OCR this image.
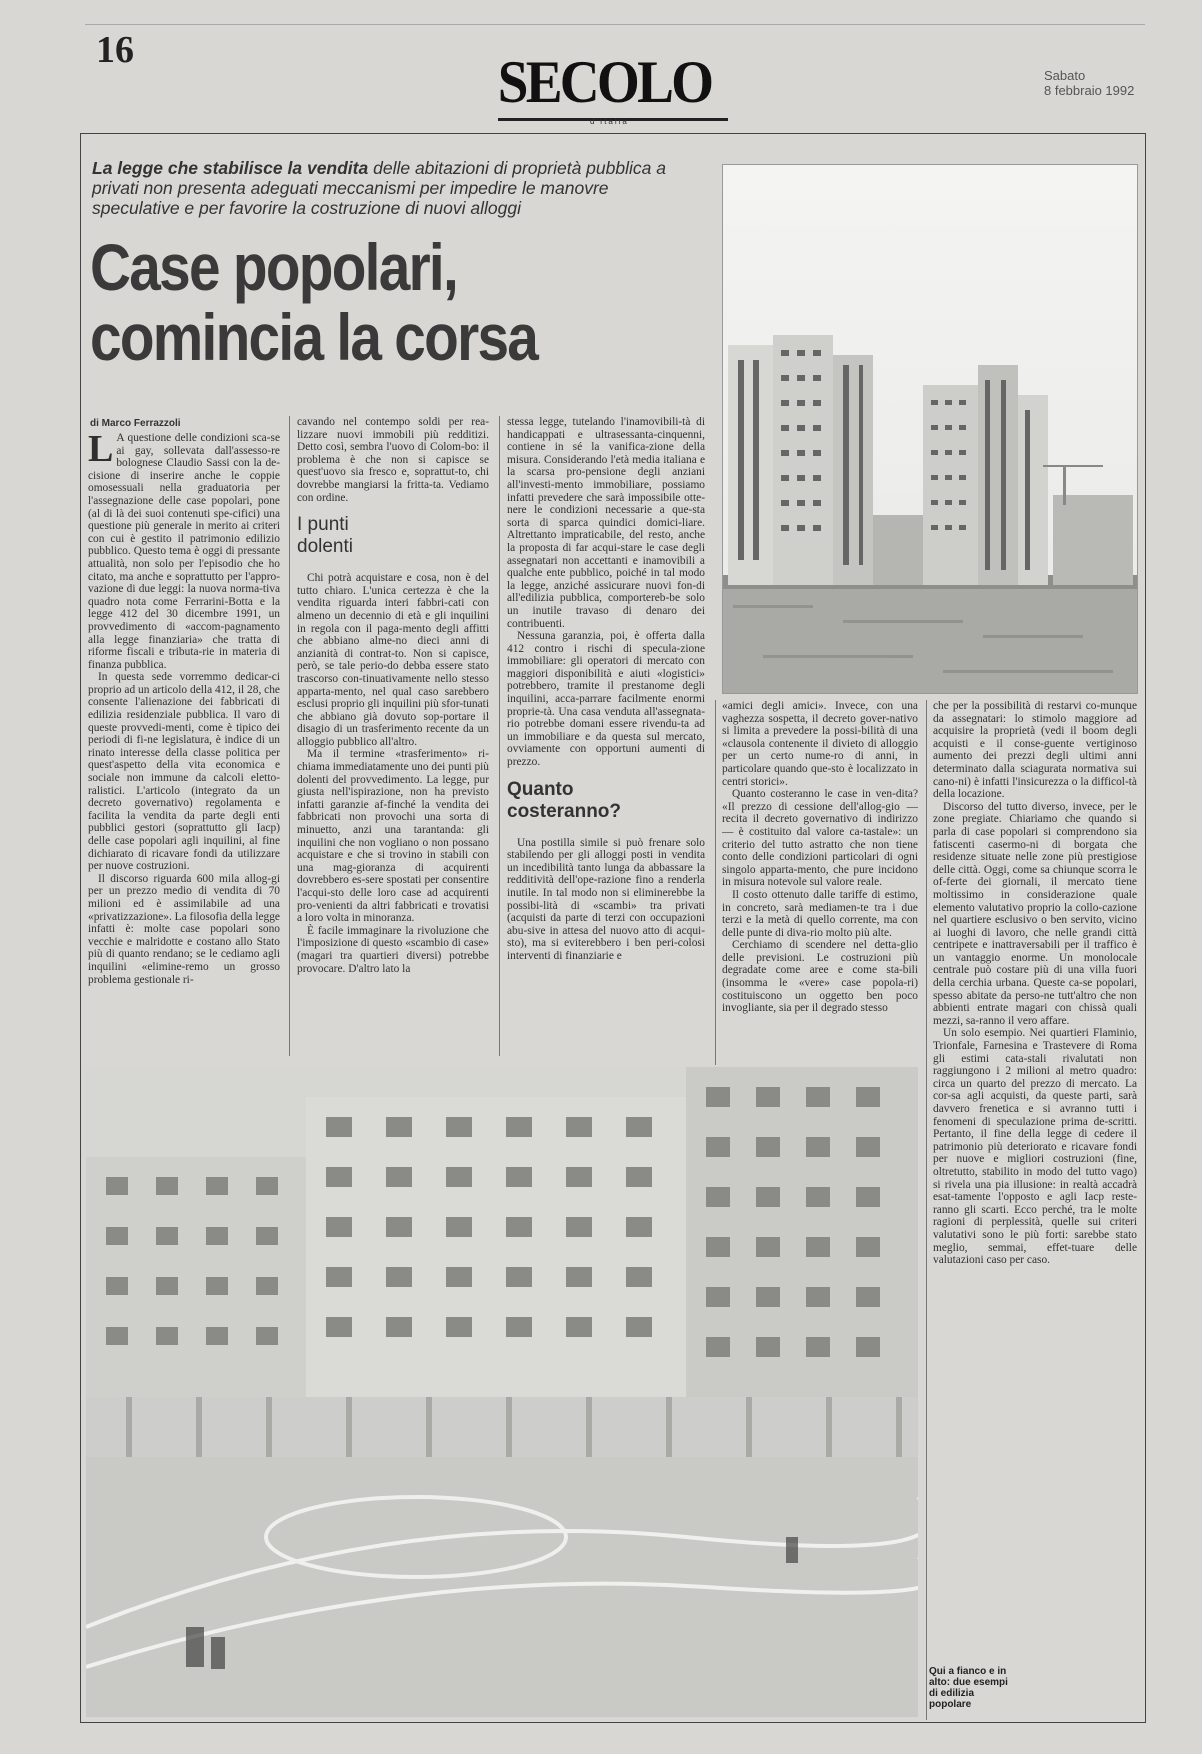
16	SECOLO
d'Italia
Sabato
8 febbraio 1992
La legge che stabilisce la vendita delle abitazioni di proprietà pubblica a privati non presenta adeguati meccanismi per impedire le manovre speculative e per favorire la costruzione di nuovi alloggi
Case popolari,
comincia la corsa
di Marco Ferrazzoli

L A questione delle condizioni sca-se ai gay, sollevata dall'assesso-re bolognese Claudio Sassi con la de-cisione di inserire anche le coppie omosessuali nella graduatoria per l'assegnazione delle case popolari, pone (al di là dei suoi contenuti spe-cifici) una questione più generale in merito ai criteri con cui è gestito il patrimonio edilizio pubblico. Questo tema è oggi di pressante attualità, non solo per l'episodio che ho citato, ma anche e soprattutto per l'appro-vazione di due leggi: la nuova norma-tiva quadro nota come Ferrarini-Botta e la legge 412 del 30 dicembre 1991, un provvedimento di «accom-pagnamento alla legge finanziaria» che tratta di riforme fiscali e tributa-rie in materia di finanza pubblica.

In questa sede vorremmo dedicar-ci proprio ad un articolo della 412, il 28, che consente l'alienazione dei fabbricati di edilizia residenziale pubblica. Il varo di queste provvedi-menti, come è tipico dei periodi di fi-ne legislatura, è indice di un rinato interesse della classe politica per quest'aspetto della vita economica e sociale non immune da calcoli eletto-ralistici. L'articolo (integrato da un decreto governativo) regolamenta e facilita la vendita da parte degli enti pubblici gestori (soprattutto gli Iacp) delle case popolari agli inquilini, al fine dichiarato di ricavare fondi da utilizzare per nuove costruzioni.

Il discorso riguarda 600 mila allog-gi per un prezzo medio di vendita di 70 milioni ed è assimilabile ad una «privatizzazione». La filosofia della legge infatti è: molte case popolari sono vecchie e malridotte e costano allo Stato più di quanto rendano; se le cediamo agli inquilini «elimine-remo un grosso problema gestionale ri-

cavando nel contempo soldi per rea-lizzare nuovi immobili più redditizi. Detto così, sembra l'uovo di Colom-bo: il problema è che non si capisce se quest'uovo sia fresco e, soprattut-to, chi dovrebbe mangiarsi la fritta-ta. Vediamo con ordine.

I punti
dolenti

Chi potrà acquistare e cosa, non è del tutto chiaro. L'unica certezza è che la vendita riguarda interi fabbri-cati con almeno un decennio di età e gli inquilini in regola con il paga-mento degli affitti che abbiano alme-no dieci anni di anzianità di contrat-to. Non si capisce, però, se tale perio-do debba essere stato trascorso con-tinuativamente nello stesso apparta-mento, nel qual caso sarebbero esclusi proprio gli inquilini più sfor-tunati che abbiano già dovuto sop-portare il disagio di un trasferimento recente da un alloggio pubblico all'altro.

Ma il termine «trasferimento» ri-chiama immediatamente uno dei punti più dolenti del provvedimento. La legge, pur giusta nell'ispirazione, non ha previsto infatti garanzie af-finché la vendita dei fabbricati non provochi una sorta di minuetto, anzi una tarantanda: gli inquilini che non vogliano o non possano acquistare e che si trovino in stabili con una mag-gioranza di acquirenti dovrebbero es-sere spostati per consentire l'acqui-sto delle loro case ad acquirenti pro-venienti da altri fabbricati e trovatisi a loro volta in minoranza.

È facile immaginare la rivoluzione che l'imposizione di questo «scambio di case» (magari tra quartieri diversi) potrebbe provocare. D'altro lato la

stessa legge, tutelando l'inamovibili-tà di handicappati e ultrasessanta-cinquenni, contiene in sé la vanifica-zione della misura. Considerando l'età media italiana e la scarsa pro-pensione degli anziani all'investi-mento immobiliare, possiamo infatti prevedere che sarà impossibile otte-nere le condizioni necessarie a que-sta sorta di sparca quindici domici-liare. Altrettanto impraticabile, del resto, anche la proposta di far acqui-stare le case degli assegnatari non accettanti e inamovibili a qualche ente pubblico, poiché in tal modo la legge, anziché assicurare nuovi fon-di all'edilizia pubblica, comportereb-be solo un inutile travaso di denaro dei contribuenti.

Nessuna garanzia, poi, è offerta dalla 412 contro i rischi di specula-zione immobiliare: gli operatori di mercato con maggiori disponibilità e aiuti «logistici» potrebbero, tramite il prestanome degli inquilini, acca-parrare facilmente enormi proprie-tà. Una casa venduta all'assegnata-rio potrebbe domani essere rivendu-ta ad un immobiliare e da questa sul mercato, ovviamente con opportuni aumenti di prezzo.

Quanto
costeranno?

Una postilla simile si può frenare solo stabilendo per gli alloggi posti in vendita un incedibilità tanto lunga da abbassare la redditività dell'ope-razione fino a renderla inutile. In tal modo non si eliminerebbe la possibi-lità di «scambi» tra privati (acquisti da parte di terzi con occupazioni abu-sive in attesa del nuovo atto di acqui-sto), ma si eviterebbero i ben peri-colosi interventi di finanziarie e

«amici degli amici». Invece, con una vaghezza sospetta, il decreto gover-nativo si limita a prevedere la possi-bilità di una «clausola contenente il divieto di alloggio per un certo nume-ro di anni, in particolare quando que-sto è localizzato in centri storici».

Quanto costeranno le case in ven-dita? «Il prezzo di cessione dell'allog-gio — recita il decreto governativo di indirizzo — è costituito dal valore ca-tastale»: un criterio del tutto astratto che non tiene conto delle condizioni particolari di ogni singolo apparta-mento, che pure incidono in misura notevole sul valore reale.

Il costo ottenuto dalle tariffe di estimo, in concreto, sarà mediamen-te tra i due terzi e la metà di quello corrente, ma con delle punte di diva-rio molto più alte.

Cerchiamo di scendere nel detta-glio delle previsioni. Le costruzioni più degradate come aree e come sta-bili (insomma le «vere» case popola-ri) costituiscono un oggetto ben poco invogliante, sia per il degrado stesso

che per la possibilità di restarvi co-munque da assegnatari: lo stimolo maggiore ad acquisire la proprietà (vedi il boom degli acquisti e il conse-guente vertiginoso aumento dei prezzi degli ultimi anni determinato dalla sciagurata normativa sui cano-ni) è infatti l'insicurezza o la difficol-tà della locazione.

Discorso del tutto diverso, invece, per le zone pregiate. Chiariamo che quando si parla di case popolari si comprendono sia fatiscenti casermo-ni di borgata che residenze situate nelle zone più prestigiose delle città. Oggi, come sa chiunque scorra le of-ferte dei giornali, il mercato tiene moltissimo in considerazione quale elemento valutativo proprio la collo-cazione nel quartiere esclusivo o ben servito, vicino ai luoghi di lavoro, che nelle grandi città centripete e inattraversabili per il traffico è un vantaggio enorme. Un monolocale centrale può costare più di una villa fuori della cerchia urbana. Queste ca-se popolari, spesso abitate da perso-ne tutt'altro che non abbienti entrate magari con chissà quali mezzi, sa-ranno il vero affare.

Un solo esempio. Nei quartieri Flaminio, Trionfale, Farnesina e Trastevere di Roma gli estimi cata-stali rivalutati non raggiungono i 2 milioni al metro quadro: circa un quarto del prezzo di mercato. La cor-sa agli acquisti, da queste parti, sarà davvero frenetica e si avranno tutti i fenomeni di speculazione prima de-scritti. Pertanto, il fine della legge di cedere il patrimonio più deteriorato e ricavare fondi per nuove e migliori costruzioni (fine, oltretutto, stabilito in modo del tutto vago) si rivela una pia illusione: in realtà accadrà esat-tamente l'opposto e agli Iacp reste-ranno gli scarti. Ecco perché, tra le molte ragioni di perplessità, quelle sui criteri valutativi sono le più forti: sarebbe stato meglio, semmai, effet-tuare delle valutazioni caso per caso.

Qui a fianco e in alto: due esempi di edilizia popolare
